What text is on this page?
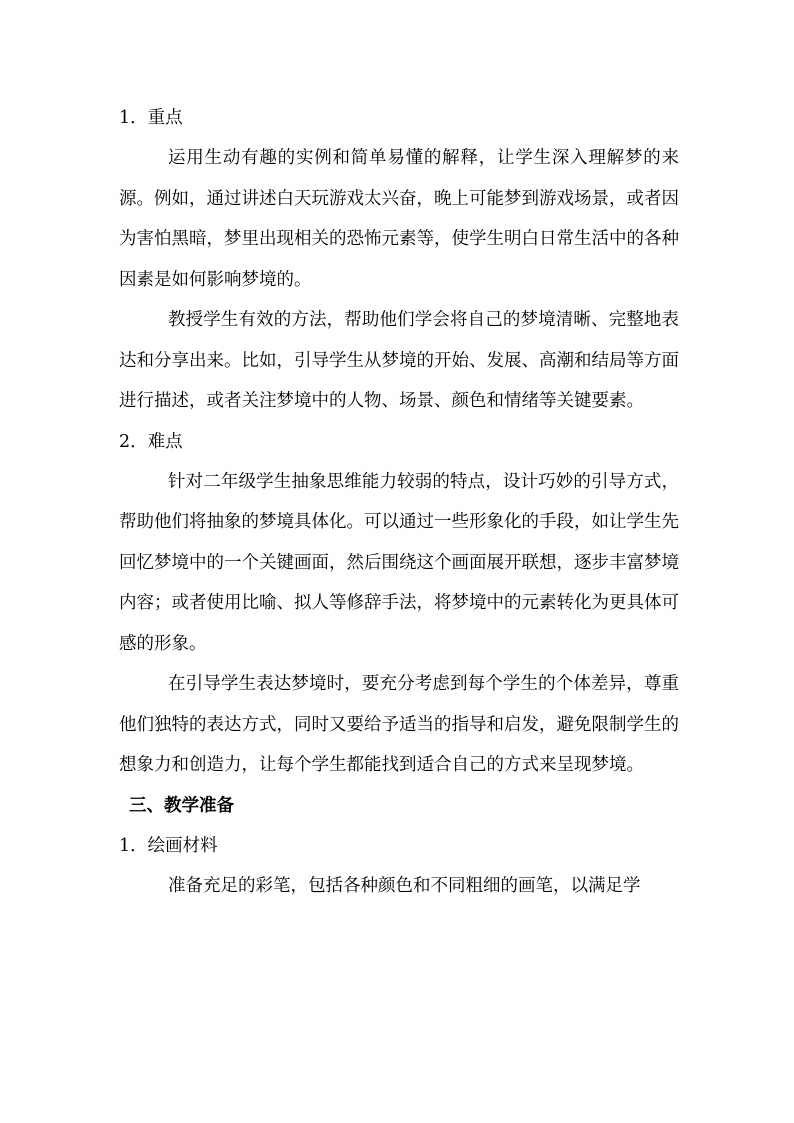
1．重点

运用生动有趣的实例和简单易懂的解释，让学生深入理解梦的来源。例如，通过讲述白天玩游戏太兴奋，晚上可能梦到游戏场景，或者因为害怕黑暗，梦里出现相关的恐怖元素等，使学生明白日常生活中的各种因素是如何影响梦境的。

教授学生有效的方法，帮助他们学会将自己的梦境清晰、完整地表达和分享出来。比如，引导学生从梦境的开始、发展、高潮和结局等方面进行描述，或者关注梦境中的人物、场景、颜色和情绪等关键要素。

2．难点

针对二年级学生抽象思维能力较弱的特点，设计巧妙的引导方式，帮助他们将抽象的梦境具体化。可以通过一些形象化的手段，如让学生先回忆梦境中的一个关键画面，然后围绕这个画面展开联想，逐步丰富梦境内容；或者使用比喻、拟人等修辞手法，将梦境中的元素转化为更具体可感的形象。

在引导学生表达梦境时，要充分考虑到每个学生的个体差异，尊重他们独特的表达方式，同时又要给予适当的指导和启发，避免限制学生的想象力和创造力，让每个学生都能找到适合自己的方式来呈现梦境。

三、教学准备
1．绘画材料

准备充足的彩笔，包括各种颜色和不同粗细的画笔，以满足学
